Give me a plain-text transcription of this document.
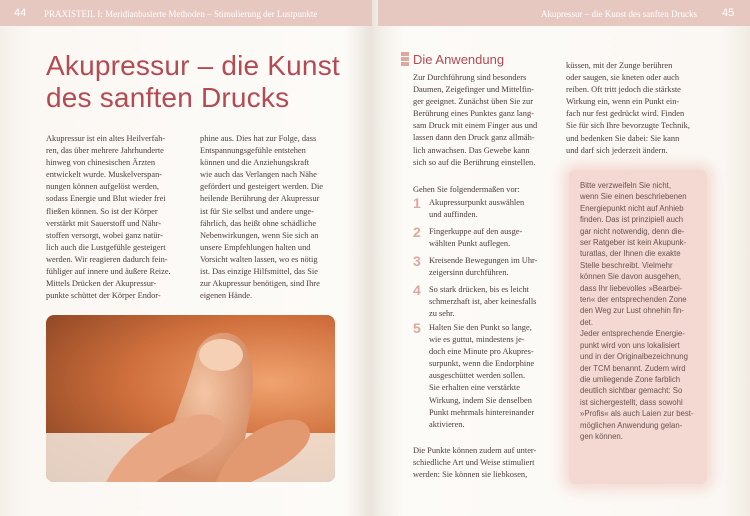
44 PRAXISTEIL I: Meridianbasierte Methoden – Stimulierung der Lustpunkte	Akupressur – die Kunst des sanften Drucks 45
Akupressur – die Kunst
des sanften Drucks
Akupressur ist ein altes Heilverfah-
ren, das über mehrere Jahrhunderte
hinweg von chinesischen Ärzten
entwickelt wurde. Muskelverspan-
nungen können aufgelöst werden,
sodass Energie und Blut wieder frei
fließen können. So ist der Körper
verstärkt mit Sauerstoff und Nähr-
stoffen versorgt, wobei ganz natür-
lich auch die Lustgefühle gesteigert
werden. Wir reagieren dadurch fein-
fühliger auf innere und äußere Reize.
Mittels Drücken der Akupressur-
punkte schüttet der Körper Endor-
phine aus. Dies hat zur Folge, dass
Entspannungsgefühle entstehen
können und die Anziehungskraft
wie auch das Verlangen nach Nähe
gefördert und gesteigert werden. Die
heilende Berührung der Akupressur
ist für Sie selbst und andere unge-
fährlich, das heißt ohne schädliche
Nebenwirkungen, wenn Sie sich an
unsere Empfehlungen halten und
Vorsicht walten lassen, wo es nötig
ist. Das einzige Hilfsmittel, das Sie
zur Akupressur benötigen, sind Ihre
eigenen Hände.
Die Anwendung
Zur Durchführung sind besonders
Daumen, Zeigefinger und Mittelfin-
ger geeignet. Zunächst üben Sie zur
Berührung eines Punktes ganz lang-
sam Druck mit einem Finger aus und
lassen dann den Druck ganz allmäh-
lich anwachsen. Das Gewebe kann
sich so auf die Berührung einstellen.
Gehen Sie folgendermaßen vor:
1 Akupressurpunkt auswählen
und auffinden.
2 Fingerkuppe auf den ausge-
wählten Punkt auflegen.
3 Kreisende Bewegungen im Uhr-
zeigersinn durchführen.
4 So stark drücken, bis es leicht
schmerzhaft ist, aber keinesfalls
zu sehr.
5 Halten Sie den Punkt so lange,
wie es guttut, mindestens je-
doch eine Minute pro Akupres-
surpunkt, wenn die Endorphine
ausgeschüttet werden sollen.
Sie erhalten eine verstärkte
Wirkung, indem Sie denselben
Punkt mehrmals hintereinander
aktivieren.
Die Punkte können zudem auf unter-
schiedliche Art und Weise stimuliert
werden: Sie können sie liebkosen,
küssen, mit der Zunge berühren
oder saugen, sie kneten oder auch
reiben. Oft tritt jedoch die stärkste
Wirkung ein, wenn ein Punkt ein-
fach nur fest gedrückt wird. Finden
Sie für sich Ihre bevorzugte Technik,
und bedenken Sie dabei: Sie kann
und darf sich jederzeit ändern.
Bitte verzweifeln Sie nicht,
wenn Sie einen beschriebenen
Energiepunkt nicht auf Anhieb
finden. Das ist prinzipiell auch
gar nicht notwendig, denn die-
ser Ratgeber ist kein Akupunk-
turatlas, der Ihnen die exakte
Stelle beschreibt. Vielmehr
können Sie davon ausgehen,
dass Ihr liebevolles »Bearbei-
ten« der entsprechenden Zone
den Weg zur Lust ohnehin fin-
det.
Jeder entsprechende Energie-
punkt wird von uns lokalisiert
und in der Originalbezeichnung
der TCM benannt. Zudem wird
die umliegende Zone farblich
deutlich sichtbar gemacht: So
ist sichergestellt, dass sowohl
»Profis« als auch Laien zur best-
möglichen Anwendung gelan-
gen können.
